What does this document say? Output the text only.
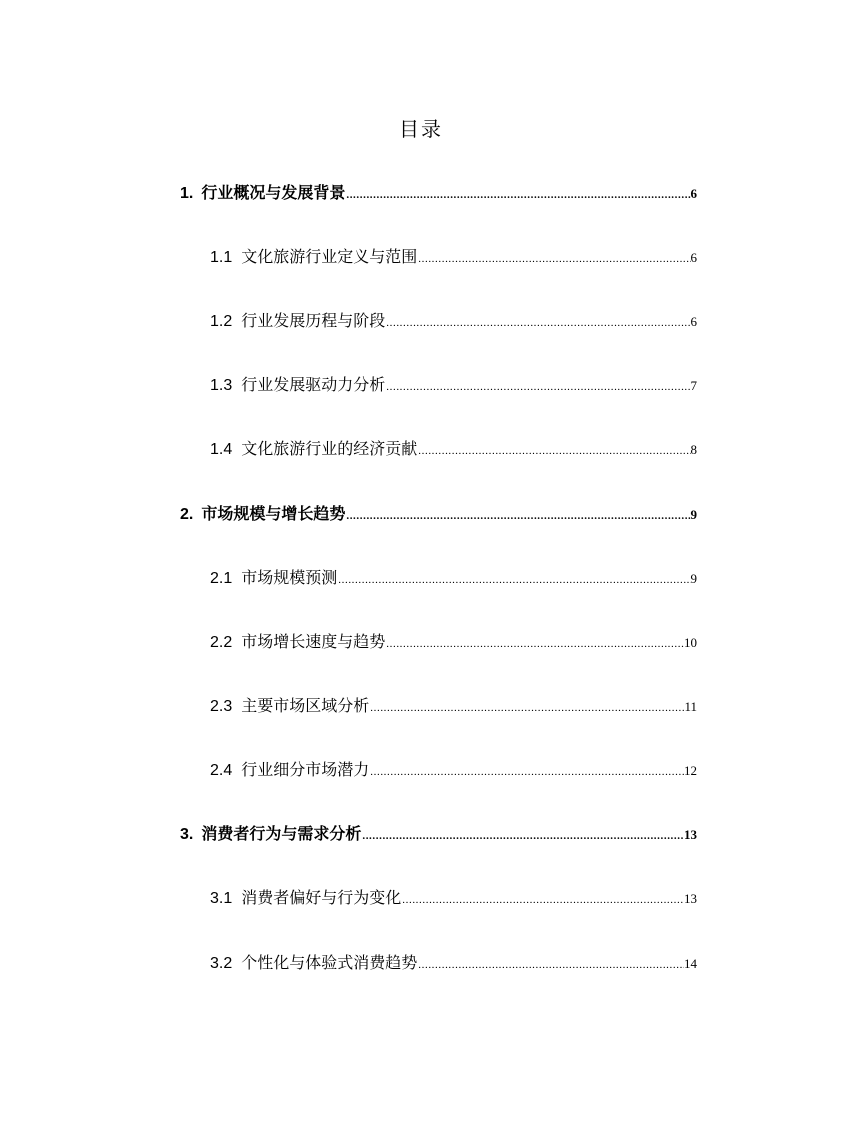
目录
1. 行业概况与发展背景 .....	6
1.1 文化旅游行业定义与范围 .....	6
1.2 行业发展历程与阶段 .....	6
1.3 行业发展驱动力分析 .....	7
1.4 文化旅游行业的经济贡献 .....	8
2. 市场规模与增长趋势 .....	9
2.1 市场规模预测 .....	9
2.2 市场增长速度与趋势 .....	10
2.3 主要市场区域分析 .....	11
2.4 行业细分市场潜力 .....	12
3. 消费者行为与需求分析 .....	13
3.1 消费者偏好与行为变化 .....	13
3.2 个性化与体验式消费趋势 .....	14
